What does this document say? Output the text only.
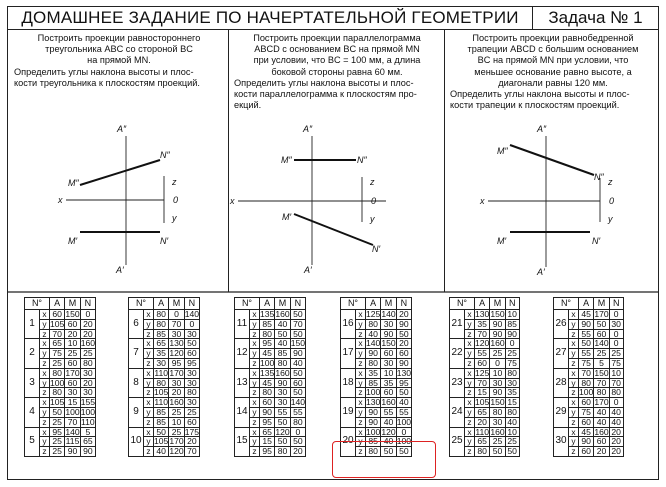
ДОМАШНЕЕ ЗАДАНИЕ ПО НАЧЕРТАТЕЛЬНОЙ ГЕОМЕТРИИ	Задача № 1

Построить проекции равностороннего

треугольника ABC со стороной BC

на прямой MN.

Определить углы наклона высоты и плос-

кости треугольника к плоскостям проекций.

Построить проекции параллелограмма

ABCD с основанием BC на прямой MN

при условии, что BC = 100 мм, а длина

боковой стороны равна 60 мм.

Определить углы наклона высоты и плос-

кости параллелограмма к плоскостям про-

екций.

Построить проекции равнобедренной

трапеции ABCD с большим основанием

BC на прямой MN при условии, что

меньшее основание равно высоте, а

диагонали равны 120 мм.

Определить углы наклона высоты и плос-

кости трапеции к плоскостям проекций.

A″
A′
M″
M′
N″
N′
x
z
0
y
A″
A′
M″
M′
N″
N′
x
z
0
y
A″
A′
M″
M′
N″
N′
x
z
0
y
N°		A	M	N
1	x	60	150	0
	y	105	60	20
	z	70	20	20
2	x	65	10	160
	y	75	25	25
	z	25	60	80
3	x	80	170	30
	y	100	60	20
	z	80	30	30
4	x	105	15	155
	y	50	100	100
	z	25	70	110
5	x	95	140	5
	y	25	115	65
	z	25	90	90
N°		A	M	N
6	x	80	0	140
	y	80	70	0
	z	85	30	30
7	x	65	130	50
	y	35	120	60
	z	30	95	95
8	x	110	170	30
	y	80	30	30
	z	105	20	80
9	x	110	160	30
	y	85	25	25
	z	85	10	60
10	x	50	25	175
	y	105	170	20
	z	40	120	70
N°		A	M	N
11	x	135	160	50
	y	85	40	70
	z	80	50	50
12	x	95	40	150
	y	45	85	90
	z	100	80	40
13	x	135	160	50
	y	45	90	60
	z	80	30	50
14	x	60	30	140
	y	90	55	55
	z	95	50	80
15	x	65	120	0
	y	15	50	50
	z	95	80	20
N°		A	M	N
16	x	125	140	20
	y	80	30	90
	z	40	90	50
17	x	140	150	20
	y	90	60	60
	z	80	30	90
18	x	35	10	130
	y	85	35	95
	z	100	60	50
19	x	130	160	40
	y	90	55	55
	z	90	40	100
20	x	100	120	0
	y	85	40	100
	z	80	50	50
N°		A	M	N
21	x	130	150	10
	y	35	90	85
	z	70	90	90
22	x	120	160	0
	y	55	25	25
	z	60	0	75
23	x	125	10	80
	y	70	30	30
	z	15	90	35
24	x	105	150	15
	y	65	80	80
	z	20	30	40
25	x	110	160	10
	y	65	25	25
	z	80	50	50
N°		A	M	N
26	x	45	170	0
	y	90	50	30
	z	55	60	0
27	x	50	140	0
	y	55	25	25
	z	75	5	75
28	x	70	150	10
	y	80	70	70
	z	100	80	80
29	x	60	170	0
	y	75	40	40
	z	60	40	40
30	x	45	160	20
	y	90	60	20
	z	60	20	20
